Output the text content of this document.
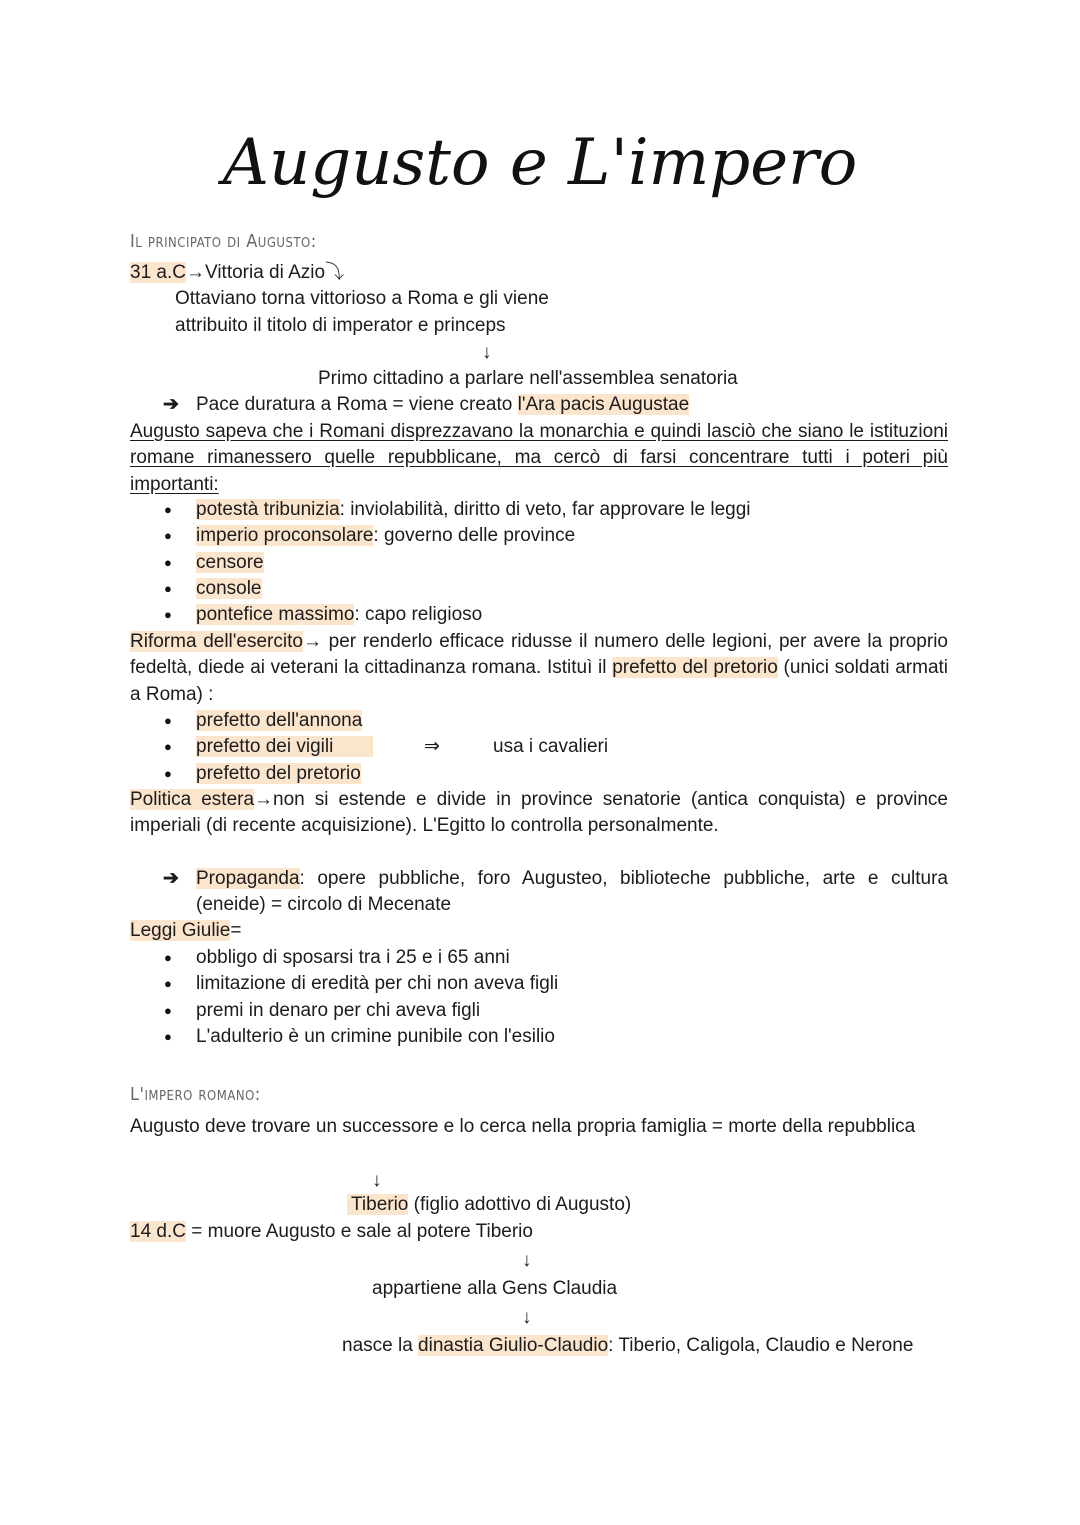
Augusto e L'impero
Il principato di Augusto:
31 a.C→Vittoria di Azio⤵
Ottaviano torna vittorioso a Roma e gli viene
attribuito il titolo di imperator e princeps
↓
Primo cittadino a parlare nell'assemblea senatoria
➔ Pace duratura a Roma = viene creato l'Ara pacis Augustae
Augusto sapeva che i Romani disprezzavano la monarchia e quindi lasciò che siano le istituzioni romane rimanessero quelle repubblicane, ma cercò di farsi concentrare tutti i poteri più importanti:
● potestà tribunizia: inviolabilità, diritto di veto, far approvare le leggi
● imperio proconsolare: governo delle province
● censore
● console
● pontefice massimo: capo religioso
Riforma dell'esercito→ per renderlo efficace ridusse il numero delle legioni, per avere la proprio fedeltà, diede ai veterani la cittadinanza romana. Istituì il prefetto del pretorio (unici soldati armati a Roma) :
● prefetto dell'annona
● prefetto dei vigili
● prefetto del pretorio
⇒	usa i cavalieri
Politica estera→non si estende e divide in province senatorie (antica conquista) e province imperiali (di recente acquisizione). L'Egitto lo controlla personalmente.
➔ Propaganda: opere pubbliche, foro Augusteo, biblioteche pubbliche, arte e cultura (eneide) = circolo di Mecenate
Leggi Giulie=
● obbligo di sposarsi tra i 25 e i 65 anni
● limitazione di eredità per chi non aveva figli
● premi in denaro per chi aveva figli
● L'adulterio è un crimine punibile con l'esilio
L'impero romano:
Augusto deve trovare un successore e lo cerca nella propria famiglia = morte della repubblica
↓
Tiberio (figlio adottivo di Augusto)
14 d.C = muore Augusto e sale al potere Tiberio
↓
appartiene alla Gens Claudia
↓
nasce la dinastia Giulio-Claudio: Tiberio, Caligola, Claudio e Nerone
